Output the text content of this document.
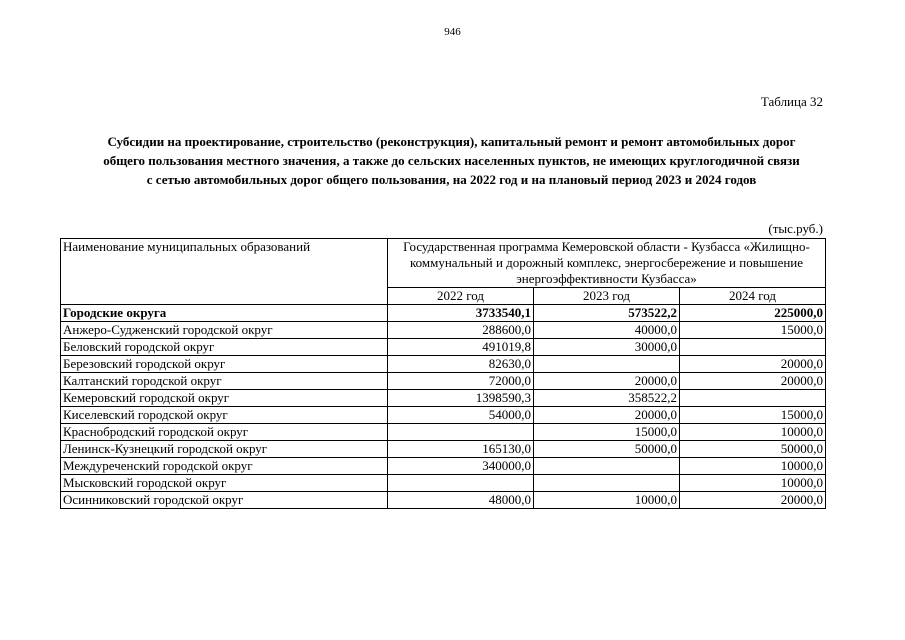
946
Таблица 32
Субсидии на проектирование, строительство (реконструкция), капитальный ремонт и ремонт автомобильных дорог
общего пользования местного значения, а также до сельских населенных пунктов, не имеющих круглогодичной связи
с сетью автомобильных дорог общего пользования, на 2022 год и на плановый период 2023 и 2024 годов
(тыс.руб.)
Наименование муниципальных образований	Государственная программа Кемеровской области - Кузбасса «Жилищно-коммунальный и дорожный комплекс, энергосбережение и повышение энергоэффективности Кузбасса»		
	2022 год	2023 год	2024 год
Городские округа	3733540,1	573522,2	225000,0
Анжеро-Судженский городской округ	288600,0	40000,0	15000,0
Беловский городской округ	491019,8	30000,0	
Березовский городской округ	82630,0		20000,0
Калтанский городской округ	72000,0	20000,0	20000,0
Кемеровский городской округ	1398590,3	358522,2	
Киселевский городской округ	54000,0	20000,0	15000,0
Краснобродский городской округ		15000,0	10000,0
Ленинск-Кузнецкий городской округ	165130,0	50000,0	50000,0
Междуреченский городской округ	340000,0		10000,0
Мысковский городской округ			10000,0
Осинниковский городской округ	48000,0	10000,0	20000,0
